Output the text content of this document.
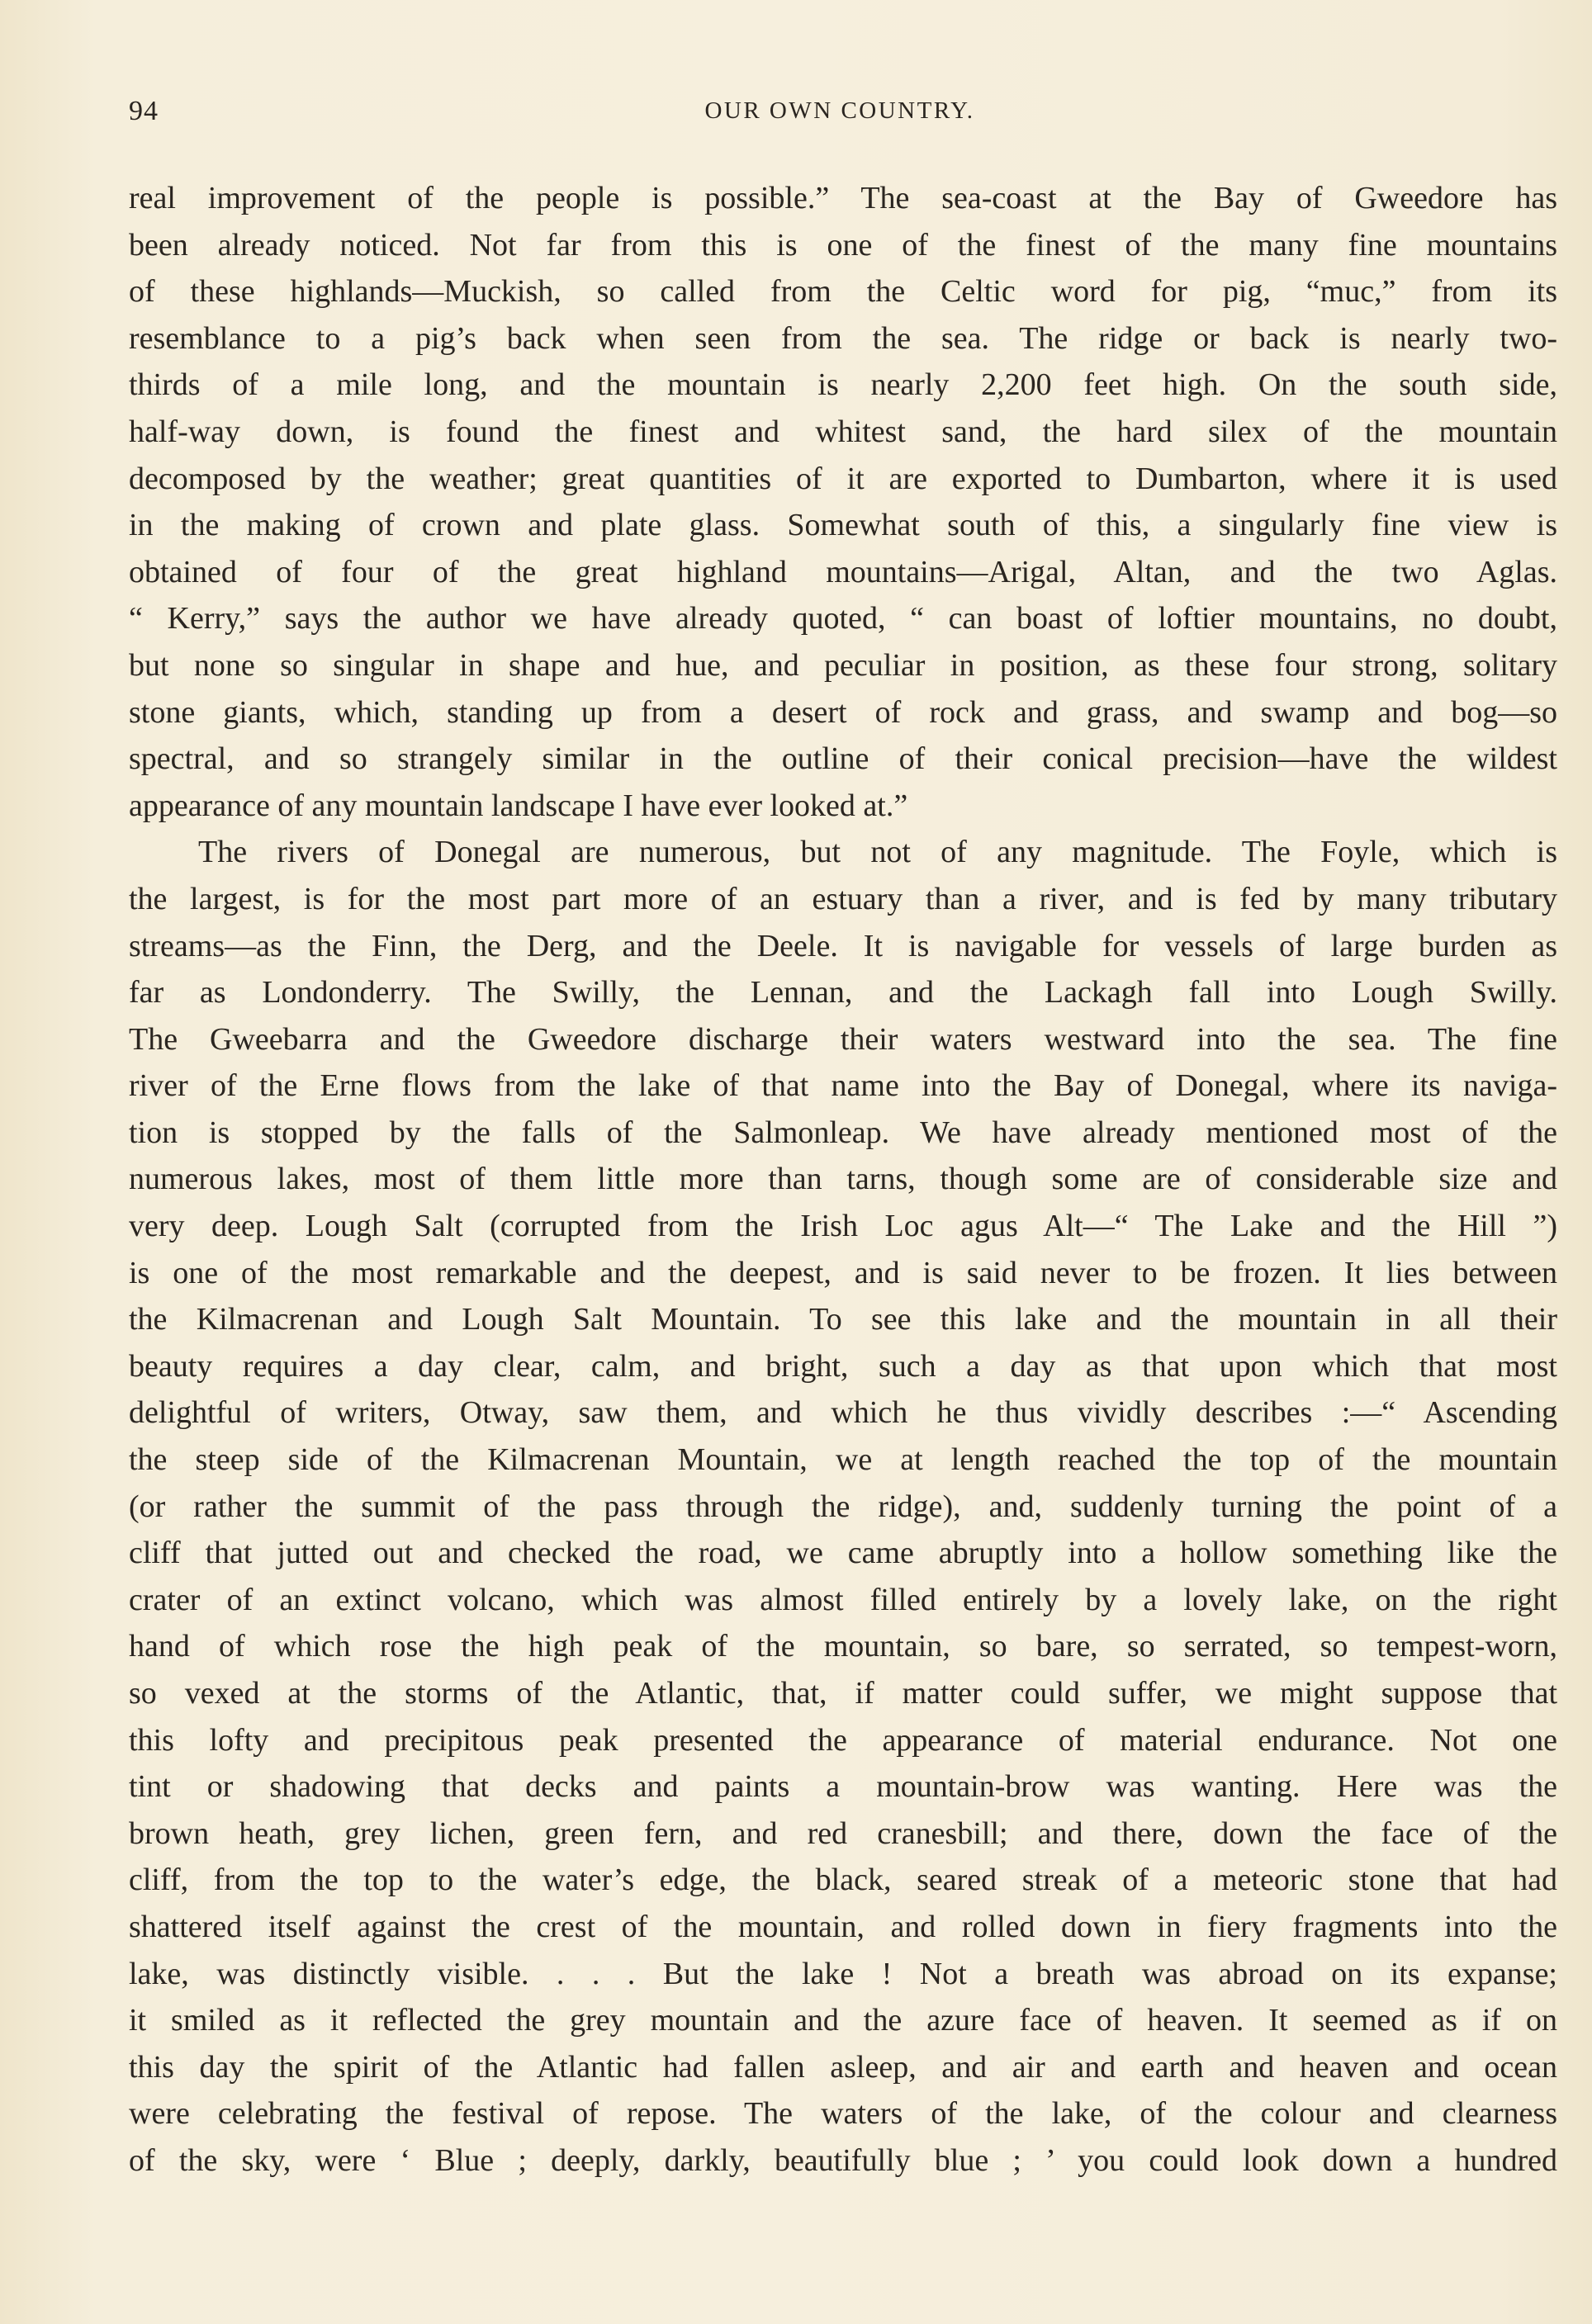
94	OUR OWN COUNTRY.
real improvement of the people is possible.” The sea-coast at the Bay of Gweedore has
been already noticed. Not far from this is one of the finest of the many fine mountains
of these highlands—Muckish, so called from the Celtic word for pig, “muc,” from its
resemblance to a pig’s back when seen from the sea. The ridge or back is nearly two-
thirds of a mile long, and the mountain is nearly 2,200 feet high. On the south side,
half-way down, is found the finest and whitest sand, the hard silex of the mountain
decomposed by the weather; great quantities of it are exported to Dumbarton, where it is used
in the making of crown and plate glass. Somewhat south of this, a singularly fine view is
obtained of four of the great highland mountains—Arigal, Altan, and the two Aglas.
“ Kerry,” says the author we have already quoted, “ can boast of loftier mountains, no doubt,
but none so singular in shape and hue, and peculiar in position, as these four strong, solitary
stone giants, which, standing up from a desert of rock and grass, and swamp and bog—so
spectral, and so strangely similar in the outline of their conical precision—have the wildest
appearance of any mountain landscape I have ever looked at.”
The rivers of Donegal are numerous, but not of any magnitude. The Foyle, which is
the largest, is for the most part more of an estuary than a river, and is fed by many tributary
streams—as the Finn, the Derg, and the Deele. It is navigable for vessels of large burden as
far as Londonderry. The Swilly, the Lennan, and the Lackagh fall into Lough Swilly.
The Gweebarra and the Gweedore discharge their waters westward into the sea. The fine
river of the Erne flows from the lake of that name into the Bay of Donegal, where its naviga-
tion is stopped by the falls of the Salmonleap. We have already mentioned most of the
numerous lakes, most of them little more than tarns, though some are of considerable size and
very deep. Lough Salt (corrupted from the Irish Loc agus Alt—“ The Lake and the Hill ”)
is one of the most remarkable and the deepest, and is said never to be frozen. It lies between
the Kilmacrenan and Lough Salt Mountain. To see this lake and the mountain in all their
beauty requires a day clear, calm, and bright, such a day as that upon which that most
delightful of writers, Otway, saw them, and which he thus vividly describes :—“ Ascending
the steep side of the Kilmacrenan Mountain, we at length reached the top of the mountain
(or rather the summit of the pass through the ridge), and, suddenly turning the point of a
cliff that jutted out and checked the road, we came abruptly into a hollow something like the
crater of an extinct volcano, which was almost filled entirely by a lovely lake, on the right
hand of which rose the high peak of the mountain, so bare, so serrated, so tempest-worn,
so vexed at the storms of the Atlantic, that, if matter could suffer, we might suppose that
this lofty and precipitous peak presented the appearance of material endurance. Not one
tint or shadowing that decks and paints a mountain-brow was wanting. Here was the
brown heath, grey lichen, green fern, and red cranesbill; and there, down the face of the
cliff, from the top to the water’s edge, the black, seared streak of a meteoric stone that had
shattered itself against the crest of the mountain, and rolled down in fiery fragments into the
lake, was distinctly visible. . . . But the lake ! Not a breath was abroad on its expanse;
it smiled as it reflected the grey mountain and the azure face of heaven. It seemed as if on
this day the spirit of the Atlantic had fallen asleep, and air and earth and heaven and ocean
were celebrating the festival of repose. The waters of the lake, of the colour and clearness
of the sky, were ‘ Blue ; deeply, darkly, beautifully blue ; ’ you could look down a hundred
